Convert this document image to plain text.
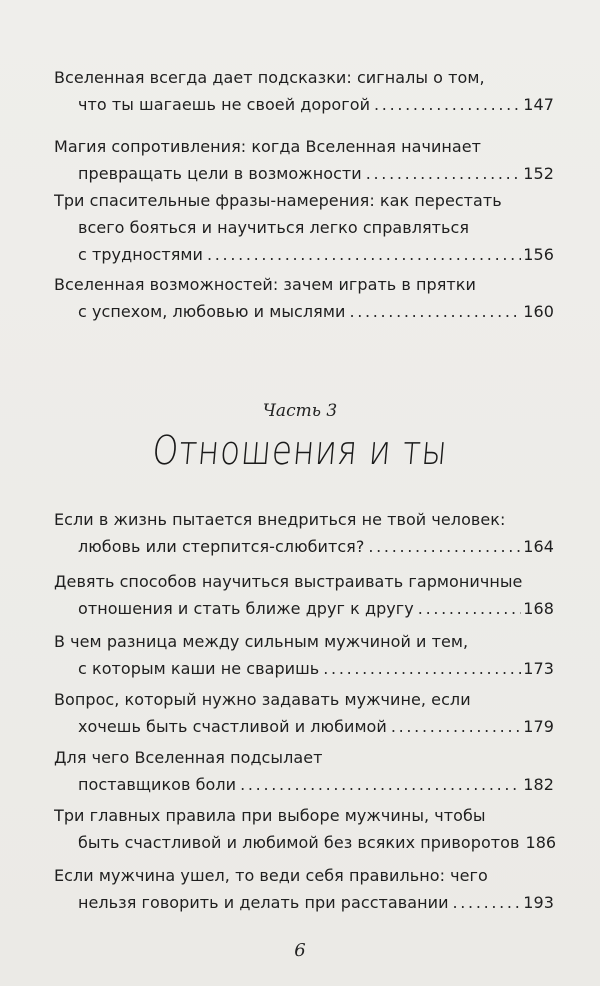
Вселенная всегда дает подсказки: сигналы о том,
что ты шагаешь не своей дорогой . . .	147
Магия сопротивления: когда Вселенная начинает
превращать цели в возможности . . .	152
Три спасительные фразы-намерения: как перестать
всего бояться и научиться легко справляться
с трудностями . . .	156
Вселенная возможностей: зачем играть в прятки
с успехом, любовью и мыслями . . .	160
Часть 3
Отношения и ты
Если в жизнь пытается внедриться не твой человек:
любовь или стерпится-слюбится? . . .	164
Девять способов научиться выстраивать гармоничные
отношения и стать ближе друг к другу . . .	168
В чем разница между сильным мужчиной и тем,
с которым каши не сваришь . . .	173
Вопрос, который нужно задавать мужчине, если
хочешь быть счастливой и любимой . . .	179
Для чего Вселенная подсылает
поставщиков боли . . .	182
Три главных правила при выборе мужчины, чтобы
быть счастливой и любимой без всяких приворотов 186
Если мужчина ушел, то веди себя правильно: чего
нельзя говорить и делать при расставании . . .	193
6
